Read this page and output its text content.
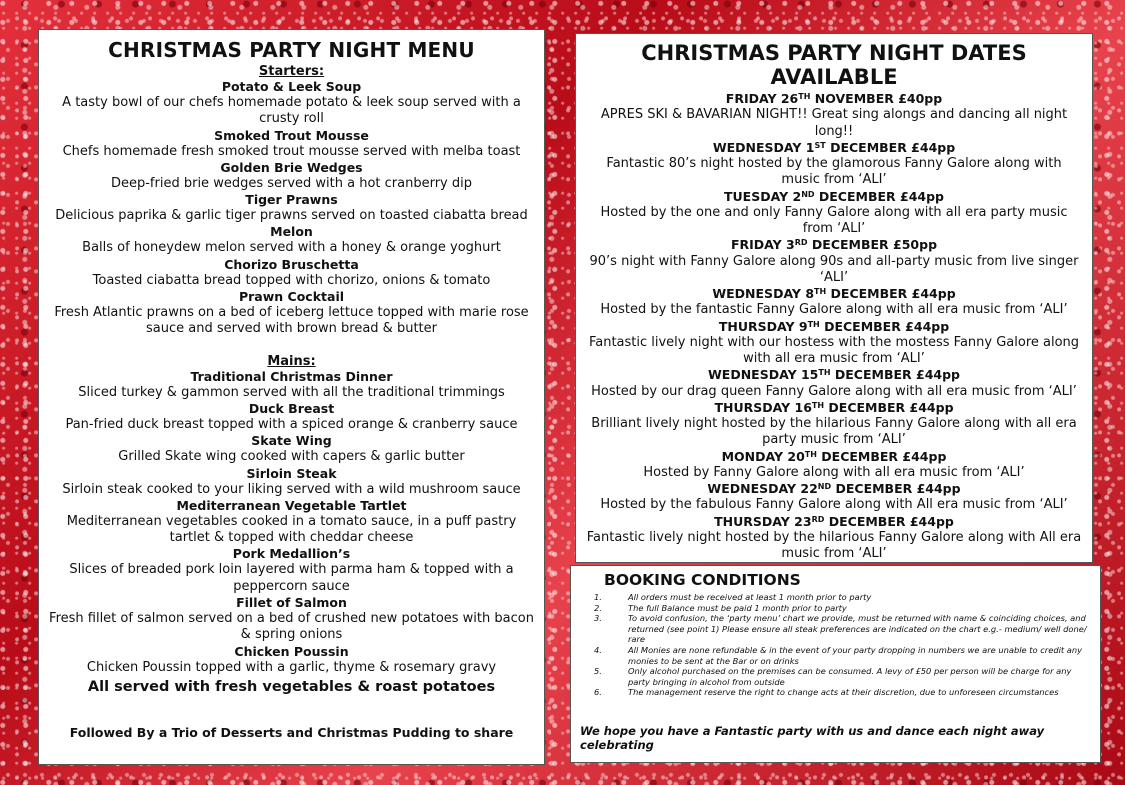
CHRISTMAS PARTY NIGHT MENU
Starters:
Potato & Leek Soup
A tasty bowl of our chefs homemade potato & leek soup served with a crusty roll
Smoked Trout Mousse
Chefs homemade fresh smoked trout mousse served with melba toast
Golden Brie Wedges
Deep-fried brie wedges served with a hot cranberry dip
Tiger Prawns
Delicious paprika & garlic tiger prawns served on toasted ciabatta bread
Melon
Balls of honeydew melon served with a honey & orange yoghurt
Chorizo Bruschetta
Toasted ciabatta bread topped with chorizo, onions & tomato
Prawn Cocktail
Fresh Atlantic prawns on a bed of iceberg lettuce topped with marie rose sauce and served with brown bread & butter
Mains:
Traditional Christmas Dinner
Sliced turkey & gammon served with all the traditional trimmings
Duck Breast
Pan-fried duck breast topped with a spiced orange & cranberry sauce
Skate Wing
Grilled Skate wing cooked with capers & garlic butter
Sirloin Steak
Sirloin steak cooked to your liking served with a wild mushroom sauce
Mediterranean Vegetable Tartlet
Mediterranean vegetables cooked in a tomato sauce, in a puff pastry tartlet & topped with cheddar cheese
Pork Medallion’s
Slices of breaded pork loin layered with parma ham & topped with a peppercorn sauce
Fillet of Salmon
Fresh fillet of salmon served on a bed of crushed new potatoes with bacon & spring onions
Chicken Poussin
Chicken Poussin topped with a garlic, thyme & rosemary gravy
All served with fresh vegetables & roast potatoes
Followed By a Trio of Desserts and Christmas Pudding to share
CHRISTMAS PARTY NIGHT DATES AVAILABLE
FRIDAY 26TH NOVEMBER £40pp
APRES SKI & BAVARIAN NIGHT!! Great sing alongs and dancing all night long!!
WEDNESDAY 1ST DECEMBER £44pp
Fantastic 80’s night hosted by the glamorous Fanny Galore along with music from ‘ALI’
TUESDAY 2ND DECEMBER £44pp
Hosted by the one and only Fanny Galore along with all era party music from ‘ALI’
FRIDAY 3RD DECEMBER £50pp
90’s night with Fanny Galore along 90s and all-party music from live singer ‘ALI’
WEDNESDAY 8TH DECEMBER £44pp
Hosted by the fantastic Fanny Galore along with all era music from ‘ALI’
THURSDAY 9TH DECEMBER £44pp
Fantastic lively night with our hostess with the mostess Fanny Galore along with all era music from ‘ALI’
WEDNESDAY 15TH DECEMBER £44pp
Hosted by our drag queen Fanny Galore along with all era music from ‘ALI’
THURSDAY 16TH DECEMBER £44pp
Brilliant lively night hosted by the hilarious Fanny Galore along with all era party music from ‘ALI’
MONDAY 20TH DECEMBER £44pp
Hosted by Fanny Galore along with all era music from ‘ALI’
WEDNESDAY 22ND DECEMBER £44pp
Hosted by the fabulous Fanny Galore along with All era music from ‘ALI’
THURSDAY 23RD DECEMBER £44pp
Fantastic lively night hosted by the hilarious Fanny Galore along with All era music from ‘ALI’
BOOKING CONDITIONS
1.	All orders must be received at least 1 month prior to party
2.	The full Balance must be paid 1 month prior to party
3.	To avoid confusion, the ‘party menu’ chart we provide, must be returned with name & coinciding choices, and returned (see point 1) Please ensure all steak preferences are indicated on the chart e.g.- medium/ well done/ rare
4.	All Monies are none refundable & in the event of your party dropping in numbers we are unable to credit any monies to be sent at the Bar or on drinks
5.	Only alcohol purchased on the premises can be consumed. A levy of £50 per person will be charge for any party bringing in alcohol from outside
6.	The management reserve the right to change acts at their discretion, due to unforeseen circumstances
We hope you have a Fantastic party with us and dance each night away celebrating
